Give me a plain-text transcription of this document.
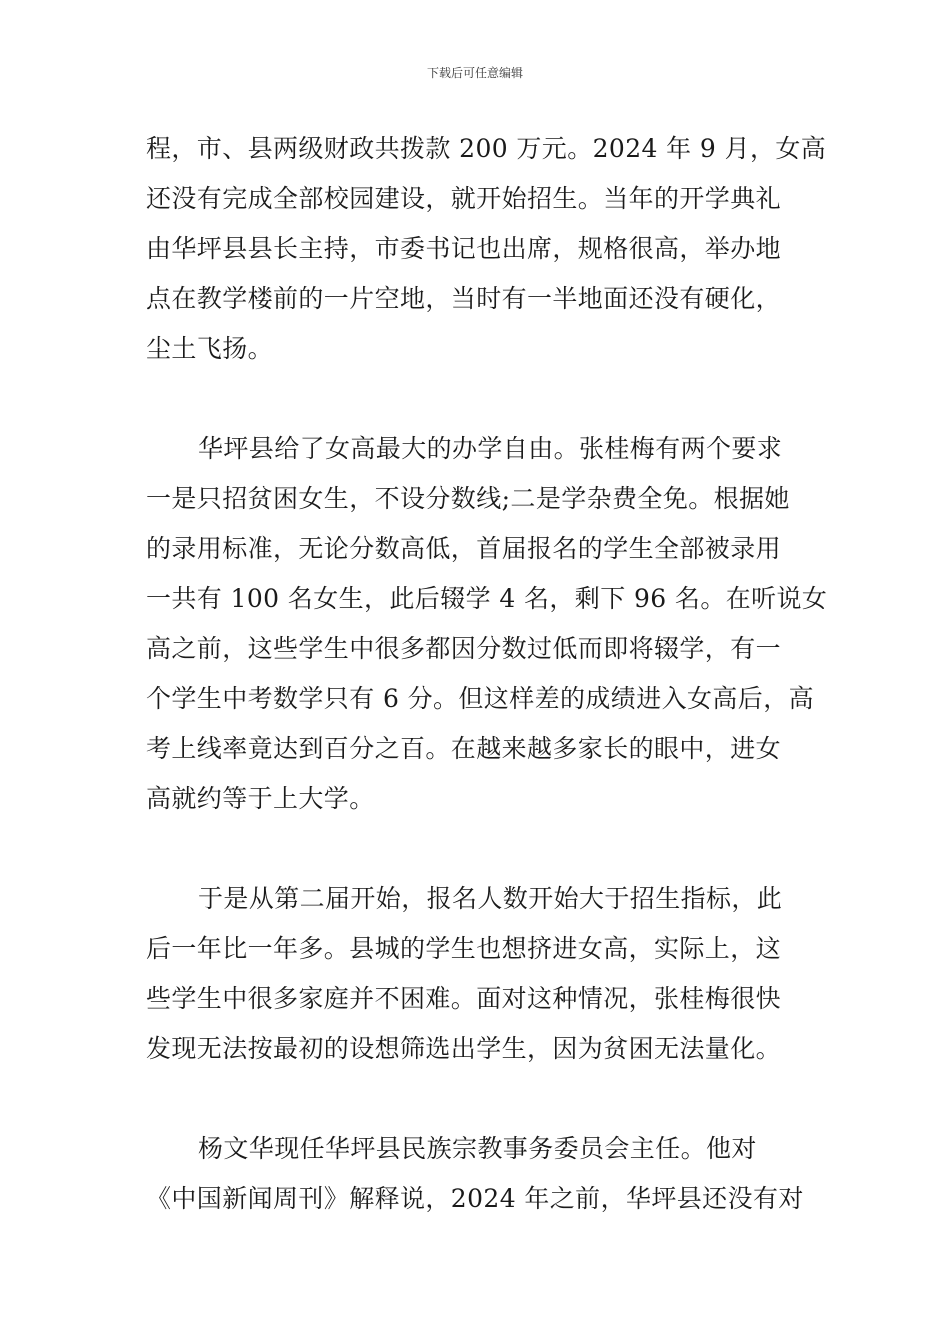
下载后可任意编辑

程，市、县两级财政共拨款 200 万元。2024 年 9 月，女高
还没有完成全部校园建设，就开始招生。当年的开学典礼
由华坪县县长主持，市委书记也出席，规格很高，举办地
点在教学楼前的一片空地，当时有一半地面还没有硬化，
尘土飞扬。

华坪县给了女高最大的办学自由。张桂梅有两个要求
一是只招贫困女生，不设分数线;二是学杂费全免。根据她
的录用标准，无论分数高低，首届报名的学生全部被录用
一共有 100 名女生，此后辍学 4 名，剩下 96 名。在听说女
高之前，这些学生中很多都因分数过低而即将辍学，有一
个学生中考数学只有 6 分。但这样差的成绩进入女高后，高
考上线率竟达到百分之百。在越来越多家长的眼中，进女
高就约等于上大学。

于是从第二届开始，报名人数开始大于招生指标，此
后一年比一年多。县城的学生也想挤进女高，实际上，这
些学生中很多家庭并不困难。面对这种情况，张桂梅很快
发现无法按最初的设想筛选出学生，因为贫困无法量化。

杨文华现任华坪县民族宗教事务委员会主任。他对
《中国新闻周刊》解释说，2024 年之前，华坪县还没有对
